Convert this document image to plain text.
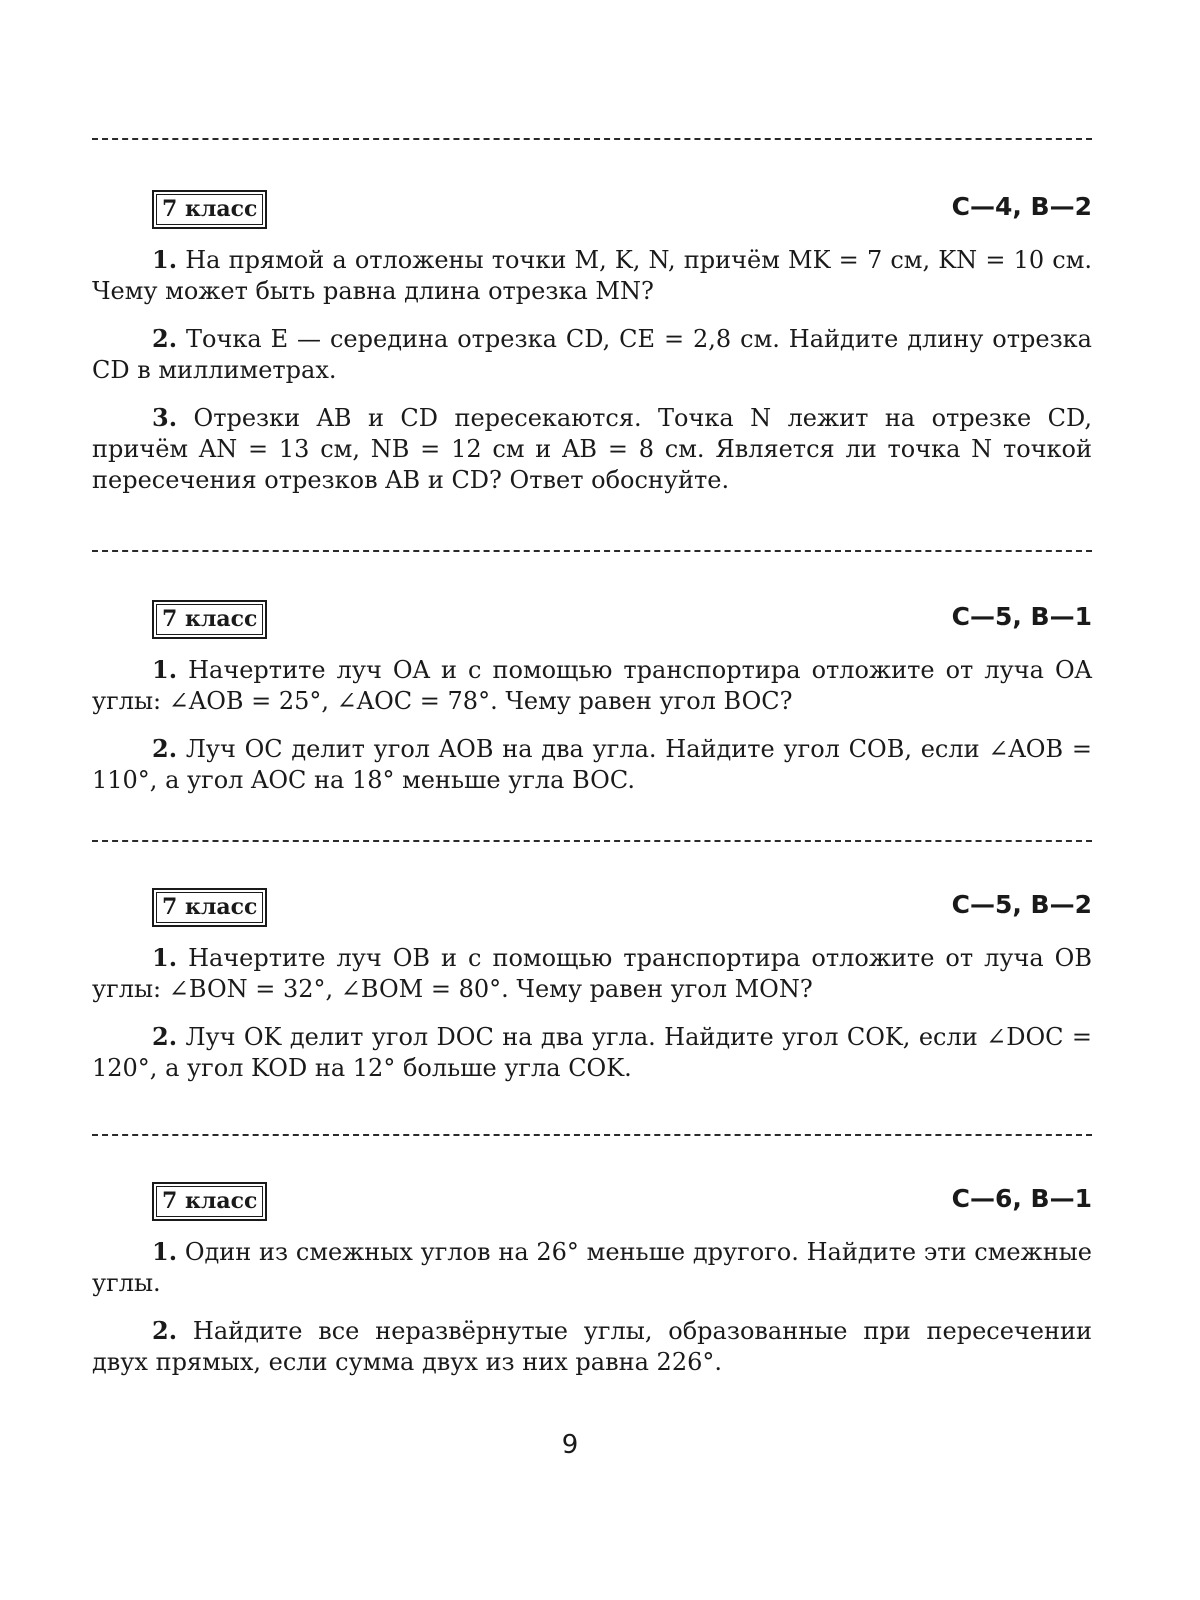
7 класс	С—4, В—2

1. На прямой a отложены точки M, K, N, причём MK = 7 см, KN = 10 см. Чему может быть равна длина отрезка MN?

2. Точка E — середина отрезка CD, CE = 2,8 см. Найдите длину отрезка CD в миллиметрах.

3. Отрезки AB и CD пересекаются. Точка N лежит на отрезке CD, причём AN = 13 см, NB = 12 см и AB = 8 см. Является ли точка N точкой пересечения отрезков AB и CD? Ответ обоснуйте.

7 класс	С—5, В—1

1. Начертите луч OA и с помощью транспортира отложите от луча OA углы: ∠AOB = 25°, ∠AOC = 78°. Чему равен угол BOC?

2. Луч OC делит угол AOB на два угла. Найдите угол COB, если ∠AOB = 110°, а угол AOC на 18° меньше угла BOC.

7 класс	С—5, В—2

1. Начертите луч OB и с помощью транспортира отложите от луча OB углы: ∠BON = 32°, ∠BOM = 80°. Чему равен угол MON?

2. Луч OK делит угол DOC на два угла. Найдите угол COK, если ∠DOC = 120°, а угол KOD на 12° больше угла COK.

7 класс	С—6, В—1

1. Один из смежных углов на 26° меньше другого. Найдите эти смежные углы.

2. Найдите все неразвёрнутые углы, образованные при пересечении двух прямых, если сумма двух из них равна 226°.

9
